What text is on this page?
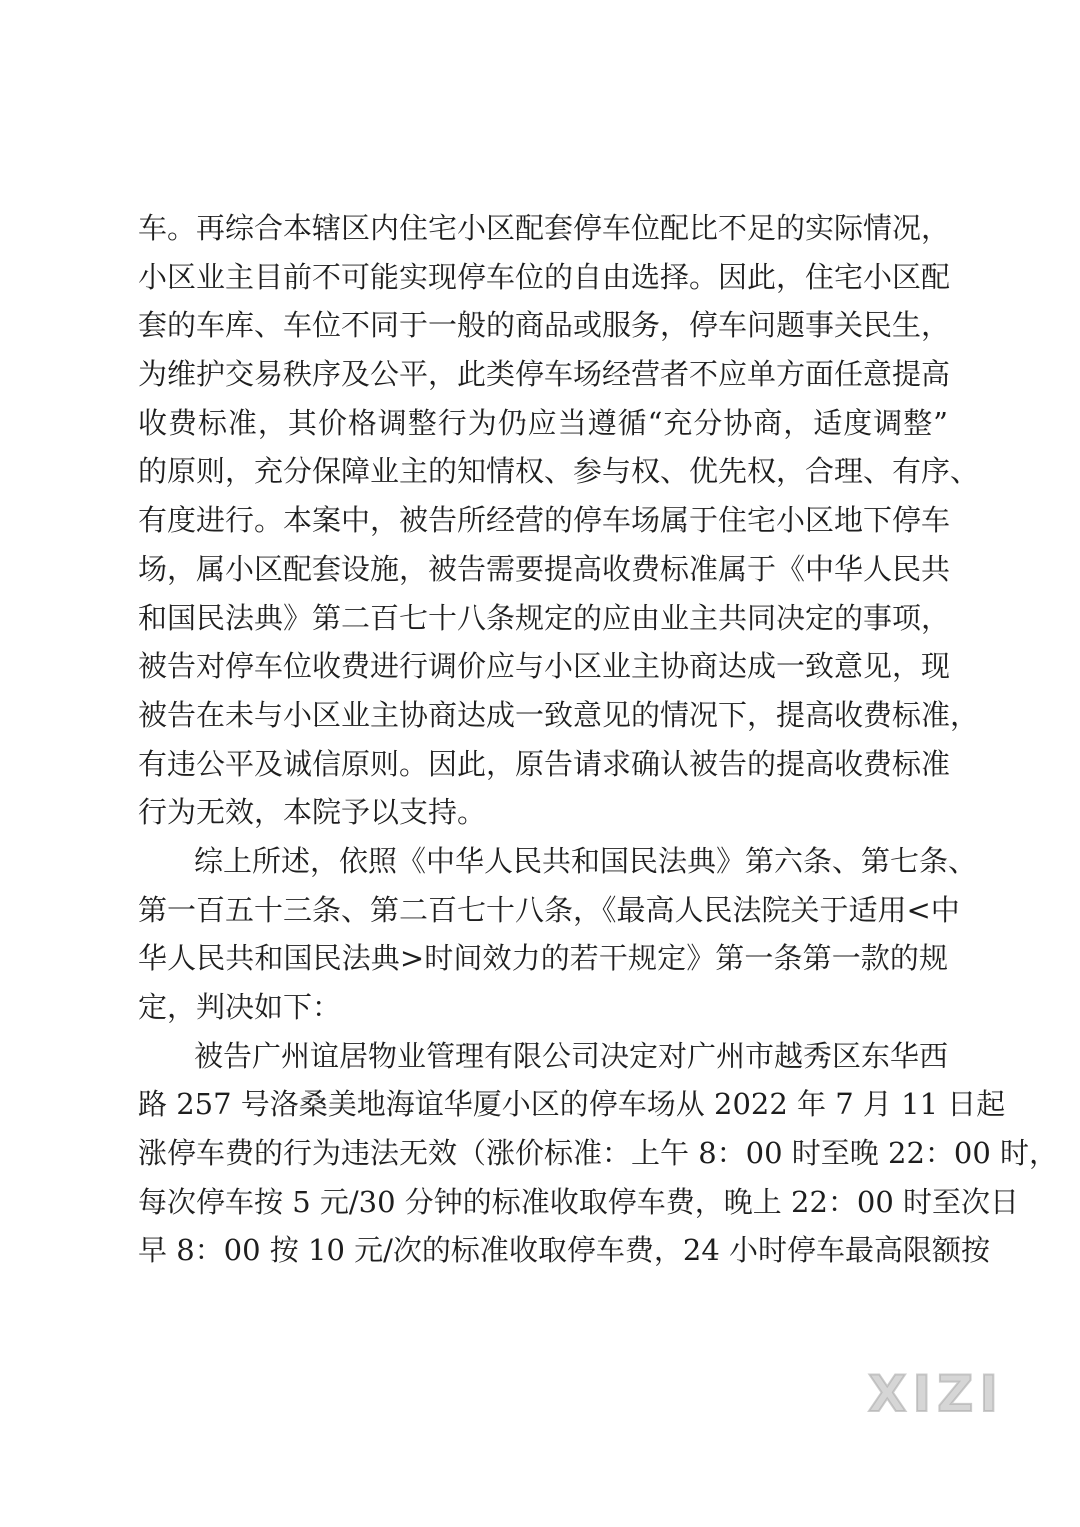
车。再综合本辖区内住宅小区配套停车位配比不足的实际情况，
小区业主目前不可能实现停车位的自由选择。因此，住宅小区配
套的车库、车位不同于一般的商品或服务，停车问题事关民生，
为维护交易秩序及公平，此类停车场经营者不应单方面任意提高
收费标准，其价格调整行为仍应当遵循“充分协商，适度调整”
的原则，充分保障业主的知情权、参与权、优先权，合理、有序、
有度进行。本案中，被告所经营的停车场属于住宅小区地下停车
场，属小区配套设施，被告需要提高收费标准属于《中华人民共
和国民法典》第二百七十八条规定的应由业主共同决定的事项，
被告对停车位收费进行调价应与小区业主协商达成一致意见，现
被告在未与小区业主协商达成一致意见的情况下，提高收费标准，
有违公平及诚信原则。因此，原告请求确认被告的提高收费标准
行为无效，本院予以支持。
综上所述，依照《中华人民共和国民法典》第六条、第七条、
第一百五十三条、第二百七十八条，《最高人民法院关于适用<中
华人民共和国民法典>时间效力的若干规定》第一条第一款的规
定，判决如下：
被告广州谊居物业管理有限公司决定对广州市越秀区东华西
路 257 号洛桑美地海谊华厦小区的停车场从 2022 年 7 月 11 日起
涨停车费的行为违法无效（涨价标准：上午 8：00 时至晚 22：00 时，
每次停车按 5 元/30 分钟的标准收取停车费，晚上 22：00 时至次日
早 8：00 按 10 元/次的标准收取停车费，24 小时停车最高限额按
XIZI
